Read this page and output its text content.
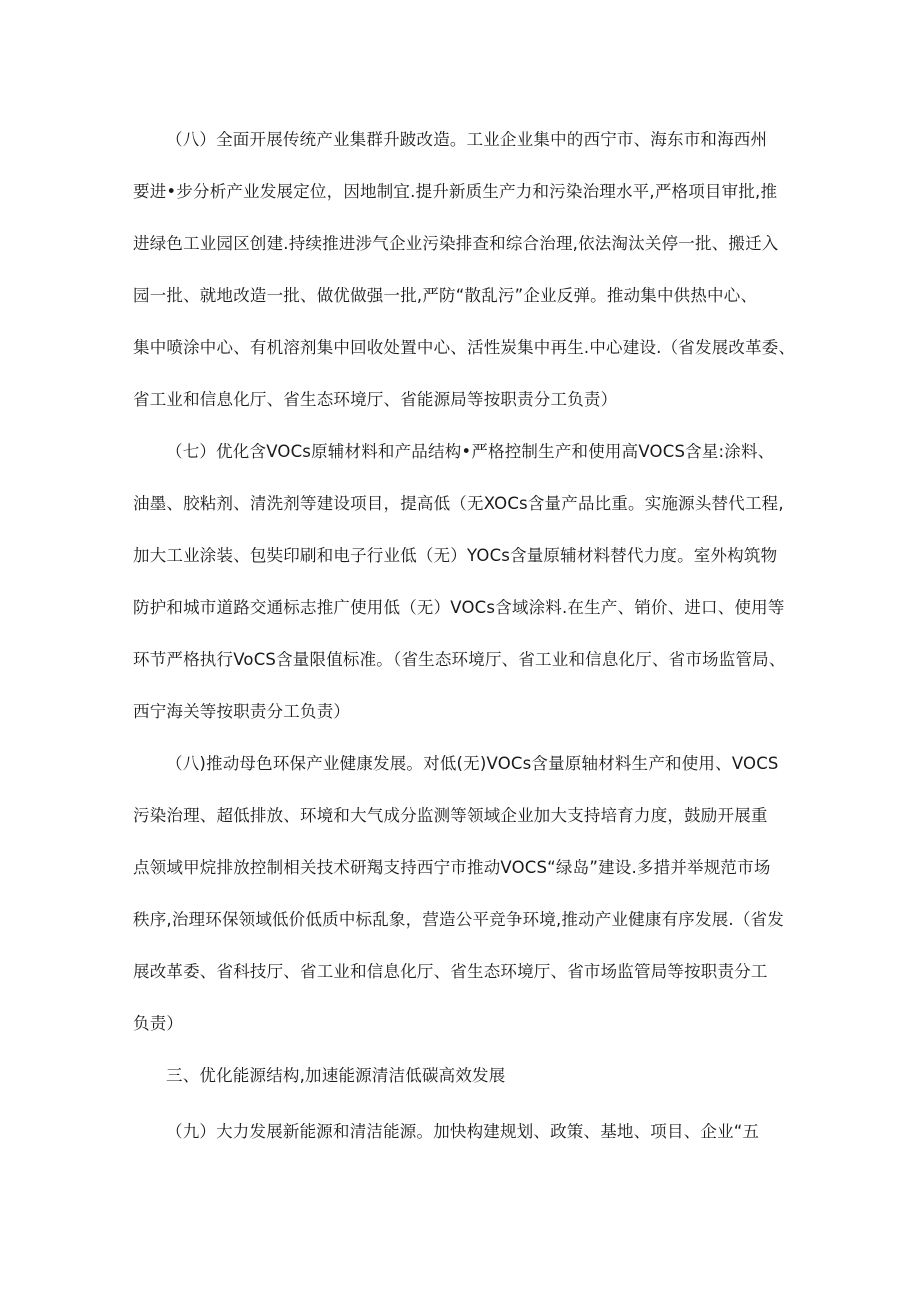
（八）全面开展传统产业集群升跛改造。工业企业集中的西宁市、海东市和海西州
要进•步分析产业发展定位，因地制宜.提升新质生产力和污染治理水平,严格项目审批,推
进绿色工业园区创建.持续推进涉气企业污染排查和综合治理,依法淘汰关停一批、搬迁入
园一批、就地改造一批、做优做强一批,严防“散乱污”企业反弹。推动集中供热中心、
集中喷涂中心、有机溶剂集中回收处置中心、活性炭集中再生.中心建设.（省发展改革委、
省工业和信息化厅、省生态环境厅、省能源局等按职责分工负责）
（七）优化含VOCs原辅材料和产品结构•严格控制生产和使用高VOCS含星:涂料、
油墨、胶粘剂、清洗剂等建设项目，提高低（无XOCs含量产品比重。实施源头替代工程,
加大工业涂装、包奘印刷和电子行业低（无）YOCs含量原辅材料替代力度。室外构筑物
防护和城市道路交通标志推广使用低（无）VOCs含域涂料.在生产、销价、进口、使用等
环节严格执行VoCS含量限值标准。（省生态环境厅、省工业和信息化厅、省市场监管局、
西宁海关等按职责分工负责）
（八)推动母色环保产业健康发展。对低(无)VOCs含量原轴材料生产和使用、VOCS
污染治理、超低排放、环境和大气成分监测等领域企业加大支持培育力度，鼓励开展重
点领域甲烷排放控制相关技术研羯支持西宁市推动VOCS“绿岛”建设.多措并举规范市场
秩序,治理环保领域低价低质中标乱象，营造公平竞争环境,推动产业健康有序发展.（省发
展改革委、省科技厅、省工业和信息化厅、省生态环境厅、省市场监管局等按职责分工
负责）
三、优化能源结构,加速能源清洁低碳高效发展
（九）大力发展新能源和清洁能源。加快构建规划、政策、基地、项目、企业“五
